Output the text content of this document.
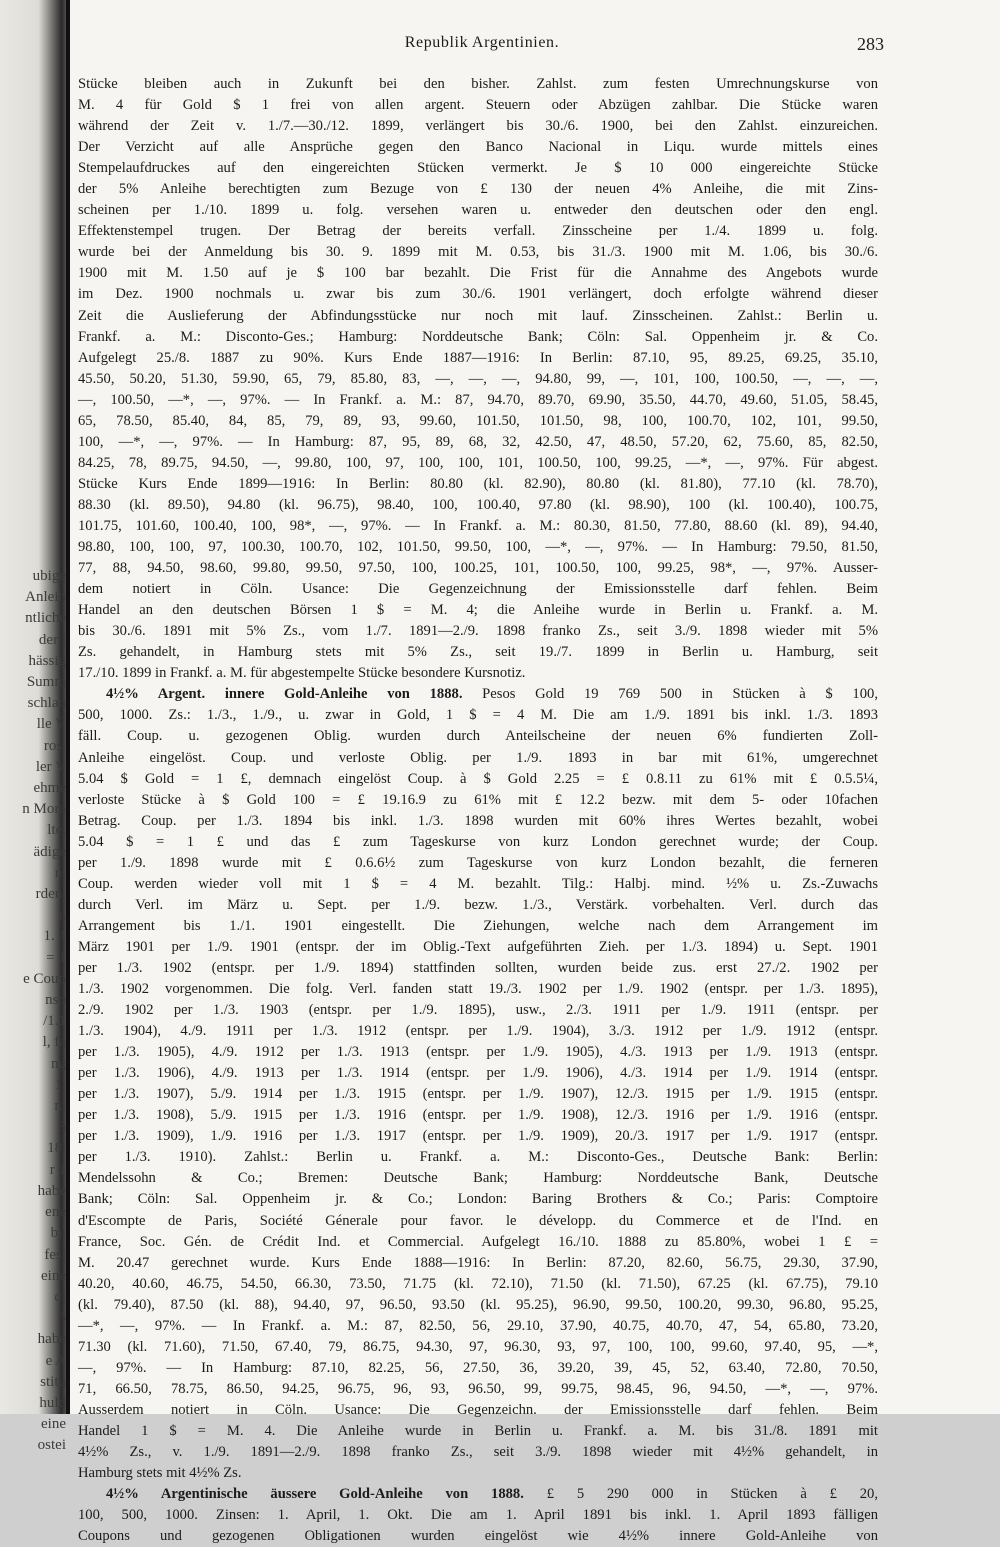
ubige
Anleih
ntliche
der i
hässig
Summ
schlan
lle V
ros.
ler V
ehme
n Mora
lte,
ädige
n.
rden.
),
1. 1
= 1
e Coup
nso
/1.1
l, fa
ng
1.
nt
5
18.
r 1
habe
ene
bj.
fest
eine
di
5
habe
e A
stitu
huld
eine
ostei
Republik Argentinien.	283
Stücke bleiben auch in Zukunft bei den bisher. Zahlst. zum festen Umrechnungskurse von
M. 4 für Gold $ 1 frei von allen argent. Steuern oder Abzügen zahlbar. Die Stücke waren
während der Zeit v. 1./7.—30./12. 1899, verlängert bis 30./6. 1900, bei den Zahlst. einzureichen.
Der Verzicht auf alle Ansprüche gegen den Banco Nacional in Liqu. wurde mittels eines
Stempelaufdruckes auf den eingereichten Stücken vermerkt. Je $ 10 000 eingereichte Stücke
der 5% Anleihe berechtigten zum Bezuge von £ 130 der neuen 4% Anleihe, die mit Zins-
scheinen per 1./10. 1899 u. folg. versehen waren u. entweder den deutschen oder den engl.
Effektenstempel trugen. Der Betrag der bereits verfall. Zinsscheine per 1./4. 1899 u. folg.
wurde bei der Anmeldung bis 30. 9. 1899 mit M. 0.53, bis 31./3. 1900 mit M. 1.06, bis 30./6.
1900 mit M. 1.50 auf je $ 100 bar bezahlt. Die Frist für die Annahme des Angebots wurde
im Dez. 1900 nochmals u. zwar bis zum 30./6. 1901 verlängert, doch erfolgte während dieser
Zeit die Auslieferung der Abfindungsstücke nur noch mit lauf. Zinsscheinen. Zahlst.: Berlin u.
Frankf. a. M.: Disconto-Ges.; Hamburg: Norddeutsche Bank; Cöln: Sal. Oppenheim jr. & Co.
Aufgelegt 25./8. 1887 zu 90%. Kurs Ende 1887—1916: In Berlin: 87.10, 95, 89.25, 69.25, 35.10,
45.50, 50.20, 51.30, 59.90, 65, 79, 85.80, 83, —, —, —, 94.80, 99, —, 101, 100, 100.50, —, —, —,
—, 100.50, —*, —, 97%. — In Frankf. a. M.: 87, 94.70, 89.70, 69.90, 35.50, 44.70, 49.60, 51.05, 58.45,
65, 78.50, 85.40, 84, 85, 79, 89, 93, 99.60, 101.50, 101.50, 98, 100, 100.70, 102, 101, 99.50,
100, —*, —, 97%. — In Hamburg: 87, 95, 89, 68, 32, 42.50, 47, 48.50, 57.20, 62, 75.60, 85, 82.50,
84.25, 78, 89.75, 94.50, —, 99.80, 100, 97, 100, 100, 101, 100.50, 100, 99.25, —*, —, 97%. Für abgest.
Stücke Kurs Ende 1899—1916: In Berlin: 80.80 (kl. 82.90), 80.80 (kl. 81.80), 77.10 (kl. 78.70),
88.30 (kl. 89.50), 94.80 (kl. 96.75), 98.40, 100, 100.40, 97.80 (kl. 98.90), 100 (kl. 100.40), 100.75,
101.75, 101.60, 100.40, 100, 98*, —, 97%. — In Frankf. a. M.: 80.30, 81.50, 77.80, 88.60 (kl. 89), 94.40,
98.80, 100, 100, 97, 100.30, 100.70, 102, 101.50, 99.50, 100, —*, —, 97%. — In Hamburg: 79.50, 81.50,
77, 88, 94.50, 98.60, 99.80, 99.50, 97.50, 100, 100.25, 101, 100.50, 100, 99.25, 98*, —, 97%. Ausser-
dem notiert in Cöln. Usance: Die Gegenzeichnung der Emissionsstelle darf fehlen. Beim
Handel an den deutschen Börsen 1 $ = M. 4; die Anleihe wurde in Berlin u. Frankf. a. M.
bis 30./6. 1891 mit 5% Zs., vom 1./7. 1891—2./9. 1898 franko Zs., seit 3./9. 1898 wieder mit 5%
Zs. gehandelt, in Hamburg stets mit 5% Zs., seit 19./7. 1899 in Berlin u. Hamburg, seit
17./10. 1899 in Frankf. a. M. für abgestempelte Stücke besondere Kursnotiz.
4½% Argent. innere Gold-Anleihe von 1888. Pesos Gold 19 769 500 in Stücken à $ 100,
500, 1000. Zs.: 1./3., 1./9., u. zwar in Gold, 1 $ = 4 M. Die am 1./9. 1891 bis inkl. 1./3. 1893
fäll. Coup. u. gezogenen Oblig. wurden durch Anteilscheine der neuen 6% fundierten Zoll-
Anleihe eingelöst. Coup. und verloste Oblig. per 1./9. 1893 in bar mit 61%, umgerechnet
5.04 $ Gold = 1 £, demnach eingelöst Coup. à $ Gold 2.25 = £ 0.8.11 zu 61% mit £ 0.5.5¼,
verloste Stücke à $ Gold 100 = £ 19.16.9 zu 61% mit £ 12.2 bezw. mit dem 5- oder 10fachen
Betrag. Coup. per 1./3. 1894 bis inkl. 1./3. 1898 wurden mit 60% ihres Wertes bezahlt, wobei
5.04 $ = 1 £ und das £ zum Tageskurse von kurz London gerechnet wurde; der Coup.
per 1./9. 1898 wurde mit £ 0.6.6½ zum Tageskurse von kurz London bezahlt, die ferneren
Coup. werden wieder voll mit 1 $ = 4 M. bezahlt. Tilg.: Halbj. mind. ½% u. Zs.-Zuwachs
durch Verl. im März u. Sept. per 1./9. bezw. 1./3., Verstärk. vorbehalten. Verl. durch das
Arrangement bis 1./1. 1901 eingestellt. Die Ziehungen, welche nach dem Arrangement im
März 1901 per 1./9. 1901 (entspr. der im Oblig.-Text aufgeführten Zieh. per 1./3. 1894) u. Sept. 1901
per 1./3. 1902 (entspr. per 1./9. 1894) stattfinden sollten, wurden beide zus. erst 27./2. 1902 per
1./3. 1902 vorgenommen. Die folg. Verl. fanden statt 19./3. 1902 per 1./9. 1902 (entspr. per 1./3. 1895),
2./9. 1902 per 1./3. 1903 (entspr. per 1./9. 1895), usw., 2./3. 1911 per 1./9. 1911 (entspr. per
1./3. 1904), 4./9. 1911 per 1./3. 1912 (entspr. per 1./9. 1904), 3./3. 1912 per 1./9. 1912 (entspr.
per 1./3. 1905), 4./9. 1912 per 1./3. 1913 (entspr. per 1./9. 1905), 4./3. 1913 per 1./9. 1913 (entspr.
per 1./3. 1906), 4./9. 1913 per 1./3. 1914 (entspr. per 1./9. 1906), 4./3. 1914 per 1./9. 1914 (entspr.
per 1./3. 1907), 5./9. 1914 per 1./3. 1915 (entspr. per 1./9. 1907), 12./3. 1915 per 1./9. 1915 (entspr.
per 1./3. 1908), 5./9. 1915 per 1./3. 1916 (entspr. per 1./9. 1908), 12./3. 1916 per 1./9. 1916 (entspr.
per 1./3. 1909), 1./9. 1916 per 1./3. 1917 (entspr. per 1./9. 1909), 20./3. 1917 per 1./9. 1917 (entspr.
per 1./3. 1910). Zahlst.: Berlin u. Frankf. a. M.: Disconto-Ges., Deutsche Bank: Berlin:
Mendelssohn & Co.; Bremen: Deutsche Bank; Hamburg: Norddeutsche Bank, Deutsche
Bank; Cöln: Sal. Oppenheim jr. & Co.; London: Baring Brothers & Co.; Paris: Comptoire
d'Escompte de Paris, Société Génerale pour favor. le développ. du Commerce et de l'Ind. en
France, Soc. Gén. de Crédit Ind. et Commercial. Aufgelegt 16./10. 1888 zu 85.80%, wobei 1 £ =
M. 20.47 gerechnet wurde. Kurs Ende 1888—1916: In Berlin: 87.20, 82.60, 56.75, 29.30, 37.90,
40.20, 40.60, 46.75, 54.50, 66.30, 73.50, 71.75 (kl. 72.10), 71.50 (kl. 71.50), 67.25 (kl. 67.75), 79.10
(kl. 79.40), 87.50 (kl. 88), 94.40, 97, 96.50, 93.50 (kl. 95.25), 96.90, 99.50, 100.20, 99.30, 96.80, 95.25,
—*, —, 97%. — In Frankf. a. M.: 87, 82.50, 56, 29.10, 37.90, 40.75, 40.70, 47, 54, 65.80, 73.20,
71.30 (kl. 71.60), 71.50, 67.40, 79, 86.75, 94.30, 97, 96.30, 93, 97, 100, 100, 99.60, 97.40, 95, —*,
—, 97%. — In Hamburg: 87.10, 82.25, 56, 27.50, 36, 39.20, 39, 45, 52, 63.40, 72.80, 70.50,
71, 66.50, 78.75, 86.50, 94.25, 96.75, 96, 93, 96.50, 99, 99.75, 98.45, 96, 94.50, —*, —, 97%.
Ausserdem notiert in Cöln. Usance: Die Gegenzeichn. der Emissionsstelle darf fehlen. Beim
Handel 1 $ = M. 4. Die Anleihe wurde in Berlin u. Frankf. a. M. bis 31./8. 1891 mit
4½% Zs., v. 1./9. 1891—2./9. 1898 franko Zs., seit 3./9. 1898 wieder mit 4½% gehandelt, in
Hamburg stets mit 4½% Zs.
4½% Argentinische äussere Gold-Anleihe von 1888. £ 5 290 000 in Stücken à £ 20,
100, 500, 1000. Zinsen: 1. April, 1. Okt. Die am 1. April 1891 bis inkl. 1. April 1893 fälligen
Coupons und gezogenen Obligationen wurden eingelöst wie 4½% innere Gold-Anleihe von
